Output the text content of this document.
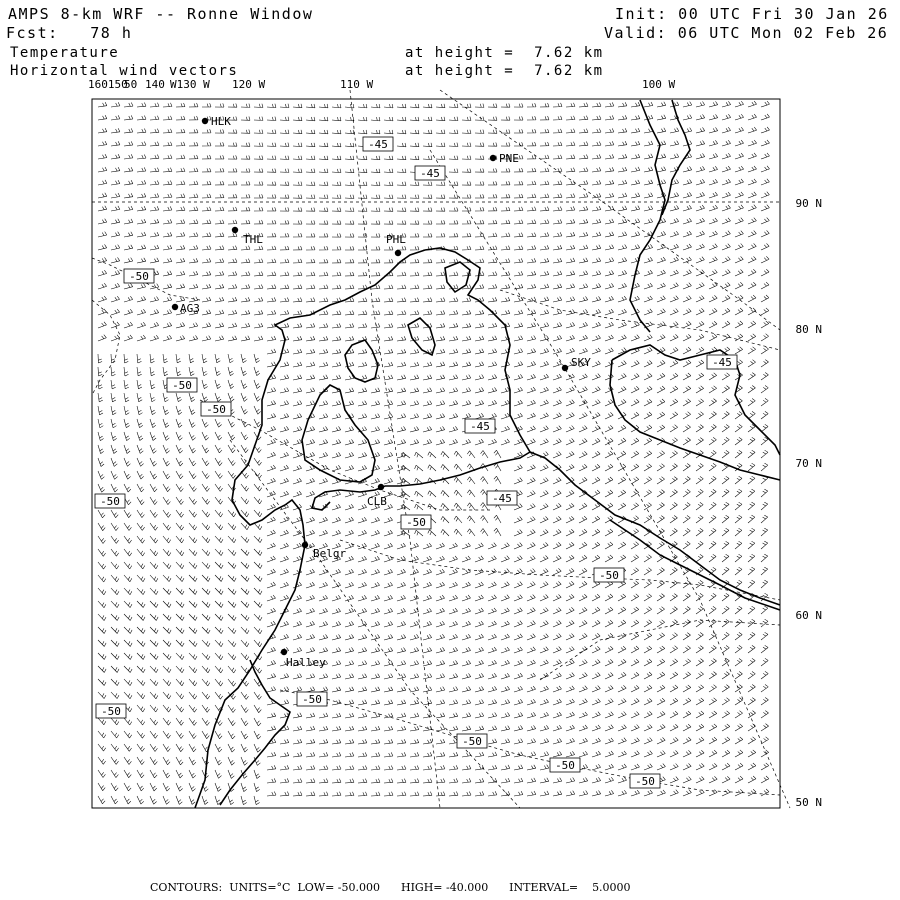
AMPS 8-km WRF -- Ronne Window
Fcst:   78 h
Temperature
Horizontal wind vectors
at height =  7.62 km
at height =  7.62 km
Init: 00 UTC Fri 30 Jan 26
Valid: 06 UTC Mon 02 Feb 26
-45
-45
-50
-50
-50
-45
-45
-45
-50
-50
-50
-50
-50
-50
-50
-50
HLK
PNE
THL	PHL
AG3
SKY
CLB
Belgr
Halley
160150
50 140 W130 W 120 W	110 W	100 W
90 N
80 N
70 N
60 N
50 N
CONTOURS:  UNITS=°C  LOW= -50.000      HIGH= -40.000      INTERVAL=    5.0000
